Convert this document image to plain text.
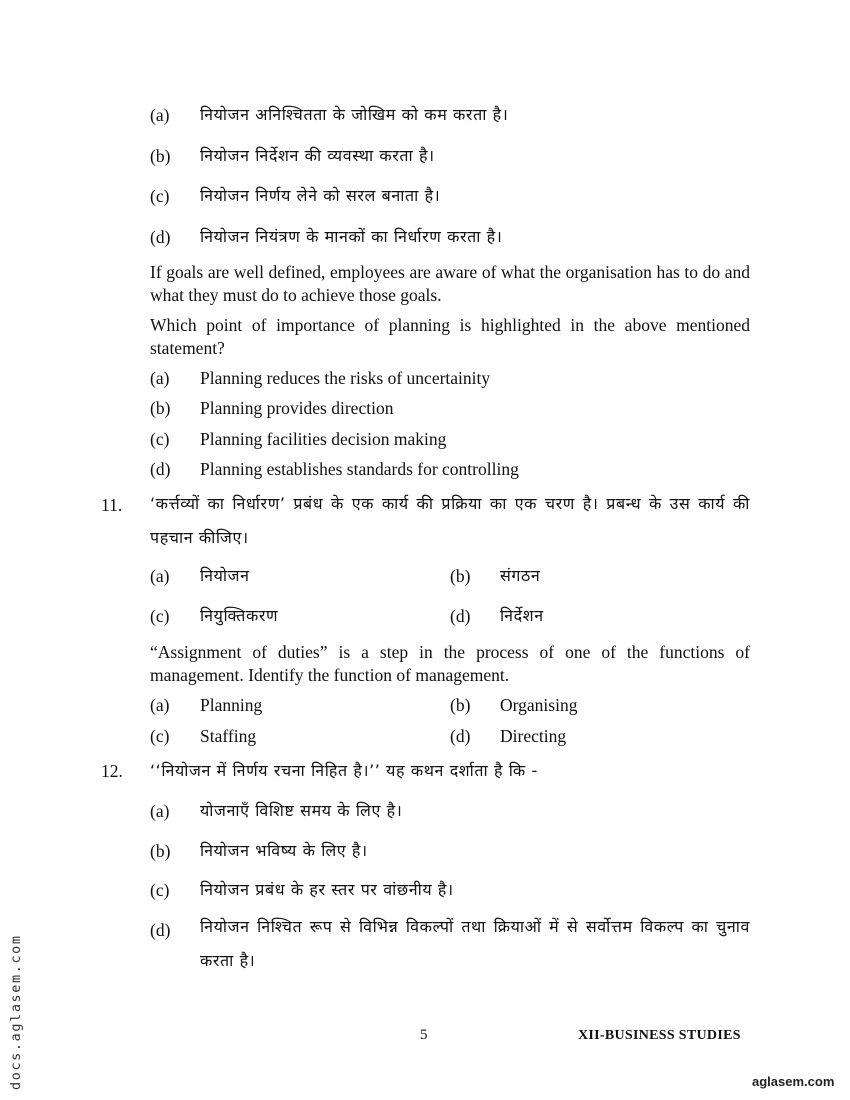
(a) नियोजन अनिश्चितता के जोखिम को कम करता है।
(b) नियोजन निर्देशन की व्यवस्था करता है।
(c) नियोजन निर्णय लेने को सरल बनाता है।
(d) नियोजन नियंत्रण के मानकों का निर्धारण करता है।
If goals are well defined, employees are aware of what the organisation has to do and what they must do to achieve those goals.
Which point of importance of planning is highlighted in the above mentioned statement?
(a) Planning reduces the risks of uncertainity
(b) Planning provides direction
(c) Planning facilities decision making
(d) Planning establishes standards for controlling
11. ‘कर्त्तव्यों का निर्धारण’ प्रबंध के एक कार्य की प्रक्रिया का एक चरण है। प्रबन्ध के उस कार्य की पहचान कीजिए।
(a) नियोजन	(b) संगठन
(c) नियुक्तिकरण	(d) निर्देशन
“Assignment of duties” is a step in the process of one of the functions of management. Identify the function of management.
(a) Planning	(b) Organising
(c) Staffing	(d) Directing
12. ‘‘नियोजन में निर्णय रचना निहित है।’’ यह कथन दर्शाता है कि -
(a) योजनाएँ विशिष्ट समय के लिए है।
(b) नियोजन भविष्य के लिए है।
(c) नियोजन प्रबंध के हर स्तर पर वांछनीय है।
(d) नियोजन निश्चित रूप से विभिन्न विकल्पों तथा क्रियाओं में से सर्वोत्तम विकल्प का चुनाव करता है।
5	XII-BUSINESS STUDIES
docs.aglasem.com	aglasem.com
